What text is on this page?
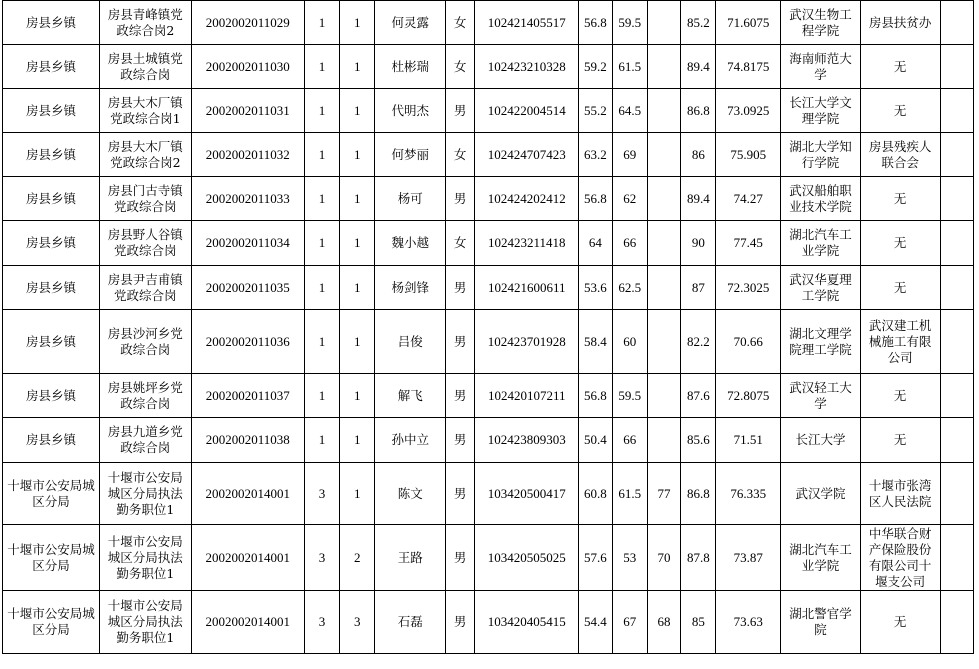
房县乡镇	房县青峰镇党政综合岗2	2002002011029	1	1	何灵露	女	102421405517	56.8	59.5		85.2	71.6075	武汉生物工程学院	房县扶贫办	
房县乡镇	房县土城镇党政综合岗	2002002011030	1	1	杜彬瑞	女	102423210328	59.2	61.5		89.4	74.8175	海南师范大学	无	
房县乡镇	房县大木厂镇党政综合岗1	2002002011031	1	1	代明杰	男	102422004514	55.2	64.5		86.8	73.0925	长江大学文理学院	无	
房县乡镇	房县大木厂镇党政综合岗2	2002002011032	1	1	何梦丽	女	102424707423	63.2	69		86	75.905	湖北大学知行学院	房县残疾人联合会	
房县乡镇	房县门古寺镇党政综合岗	2002002011033	1	1	杨可	男	102424202412	56.8	62		89.4	74.27	武汉船舶职业技术学院	无	
房县乡镇	房县野人谷镇党政综合岗	2002002011034	1	1	魏小越	女	102423211418	64	66		90	77.45	湖北汽车工业学院	无	
房县乡镇	房县尹吉甫镇党政综合岗	2002002011035	1	1	杨剑锋	男	102421600611	53.6	62.5		87	72.3025	武汉华夏理工学院	无	
房县乡镇	房县沙河乡党政综合岗	2002002011036	1	1	吕俊	男	102423701928	58.4	60		82.2	70.66	湖北文理学院理工学院	武汉建工机械施工有限公司	
房县乡镇	房县姚坪乡党政综合岗	2002002011037	1	1	解飞	男	102420107211	56.8	59.5		87.6	72.8075	武汉轻工大学	无	
房县乡镇	房县九道乡党政综合岗	2002002011038	1	1	孙中立	男	102423809303	50.4	66		85.6	71.51	长江大学	无	
十堰市公安局城区分局	十堰市公安局城区分局执法勤务职位1	2002002014001	3	1	陈文	男	103420500417	60.8	61.5	77	86.8	76.335	武汉学院	十堰市张湾区人民法院	
十堰市公安局城区分局	十堰市公安局城区分局执法勤务职位1	2002002014001	3	2	王路	男	103420505025	57.6	53	70	87.8	73.87	湖北汽车工业学院	中华联合财产保险股份有限公司十堰支公司	
十堰市公安局城区分局	十堰市公安局城区分局执法勤务职位1	2002002014001	3	3	石磊	男	103420405415	54.4	67	68	85	73.63	湖北警官学院	无	
